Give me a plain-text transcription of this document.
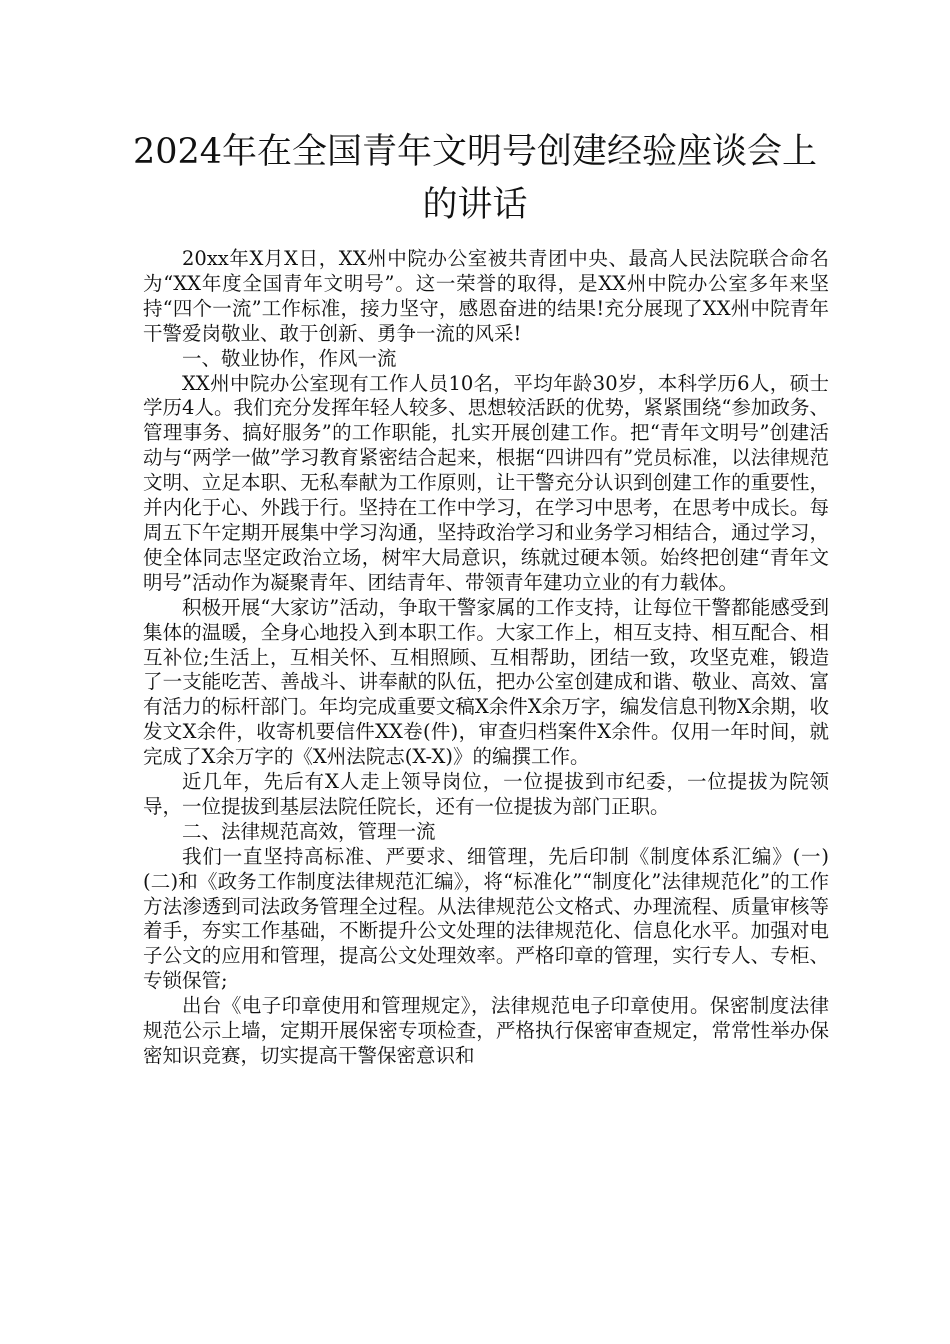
2024年在全国青年文明号创建经验座谈会上的讲话

20xx年X月X日，XX州中院办公室被共青团中央、最高人民法院联合命名为“XX年度全国青年文明号”。这一荣誉的取得，是XX州中院办公室多年来坚持“四个一流”工作标准，接力坚守，感恩奋进的结果!充分展现了XX州中院青年干警爱岗敬业、敢于创新、勇争一流的风采!

一、敬业协作，作风一流

XX州中院办公室现有工作人员10名，平均年龄30岁，本科学历6人，硕士学历4人。我们充分发挥年轻人较多、思想较活跃的优势，紧紧围绕“参加政务、管理事务、搞好服务”的工作职能，扎实开展创建工作。把“青年文明号”创建活动与“两学一做”学习教育紧密结合起来，根据“四讲四有”党员标准，以法律规范文明、立足本职、无私奉献为工作原则，让干警充分认识到创建工作的重要性，并内化于心、外践于行。坚持在工作中学习，在学习中思考，在思考中成长。每周五下午定期开展集中学习沟通，坚持政治学习和业务学习相结合，通过学习，使全体同志坚定政治立场，树牢大局意识，练就过硬本领。始终把创建“青年文明号”活动作为凝聚青年、团结青年、带领青年建功立业的有力载体。

积极开展“大家访”活动，争取干警家属的工作支持，让每位干警都能感受到集体的温暖，全身心地投入到本职工作。大家工作上，相互支持、相互配合、相互补位;生活上，互相关怀、互相照顾、互相帮助，团结一致，攻坚克难，锻造了一支能吃苦、善战斗、讲奉献的队伍，把办公室创建成和谐、敬业、高效、富有活力的标杆部门。年均完成重要文稿X余件X余万字，编发信息刊物X余期，收发文X余件，收寄机要信件XX卷(件)，审查归档案件X余件。仅用一年时间，就完成了X余万字的《X州法院志(X-X)》的编撰工作。

近几年，先后有X人走上领导岗位，一位提拔到市纪委，一位提拔为院领导，一位提拔到基层法院任院长，还有一位提拔为部门正职。

二、法律规范高效，管理一流

我们一直坚持高标准、严要求、细管理，先后印制《制度体系汇编》(一)(二)和《政务工作制度法律规范汇编》，将“标准化”“制度化”法律规范化”的工作方法渗透到司法政务管理全过程。从法律规范公文格式、办理流程、质量审核等着手，夯实工作基础，不断提升公文处理的法律规范化、信息化水平。加强对电子公文的应用和管理，提高公文处理效率。严格印章的管理，实行专人、专柜、专锁保管;

出台《电子印章使用和管理规定》，法律规范电子印章使用。保密制度法律规范公示上墙，定期开展保密专项检查，严格执行保密审查规定，常常性举办保密知识竞赛，切实提高干警保密意识和
